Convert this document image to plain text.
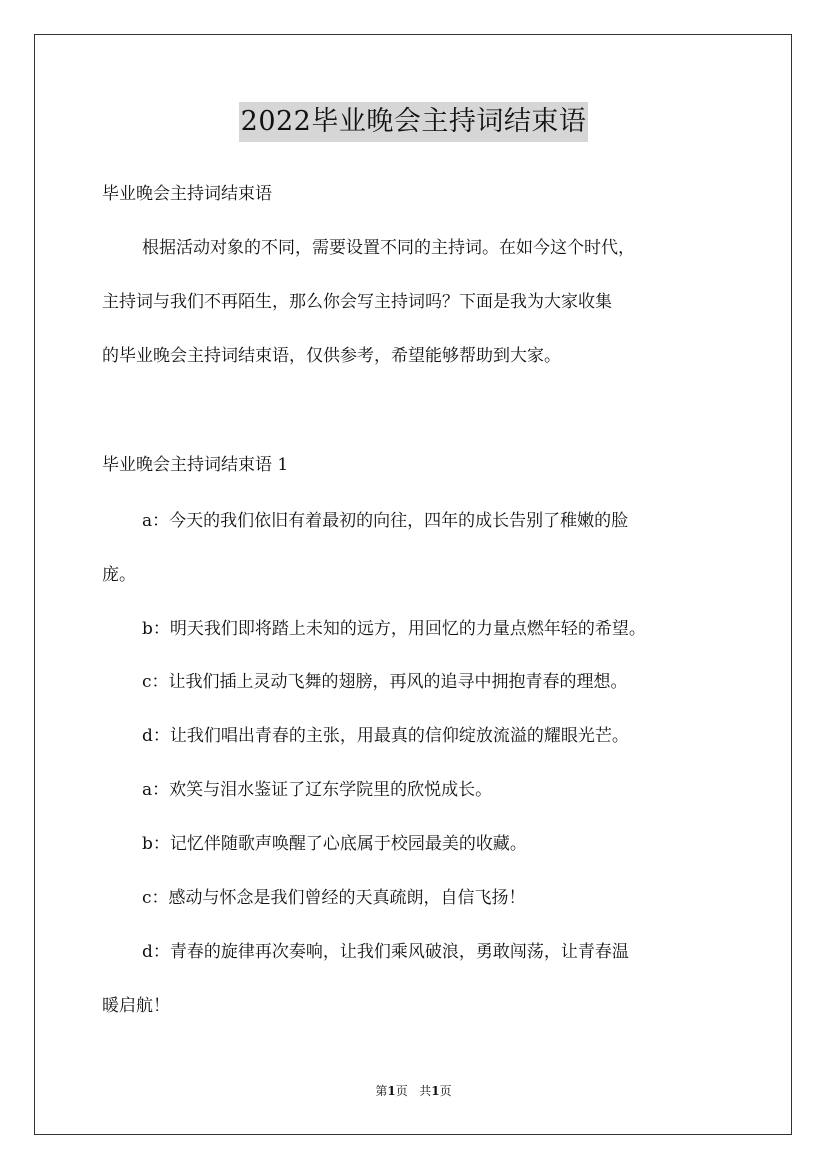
2022毕业晚会主持词结束语
毕业晚会主持词结束语
根据活动对象的不同，需要设置不同的主持词。在如今这个时代，
主持词与我们不再陌生，那么你会写主持词吗？下面是我为大家收集
的毕业晚会主持词结束语，仅供参考，希望能够帮助到大家。
毕业晚会主持词结束语 1
a：今天的我们依旧有着最初的向往，四年的成长告别了稚嫩的脸
庞。
b：明天我们即将踏上未知的远方，用回忆的力量点燃年轻的希望。
c：让我们插上灵动飞舞的翅膀，再风的追寻中拥抱青春的理想。
d：让我们唱出青春的主张，用最真的信仰绽放流溢的耀眼光芒。
a：欢笑与泪水鉴证了辽东学院里的欣悦成长。
b：记忆伴随歌声唤醒了心底属于校园最美的收藏。
c：感动与怀念是我们曾经的天真疏朗，自信飞扬！
d：青春的旋律再次奏响，让我们乘风破浪，勇敢闯荡，让青春温
暖启航！
第1页   共1页
